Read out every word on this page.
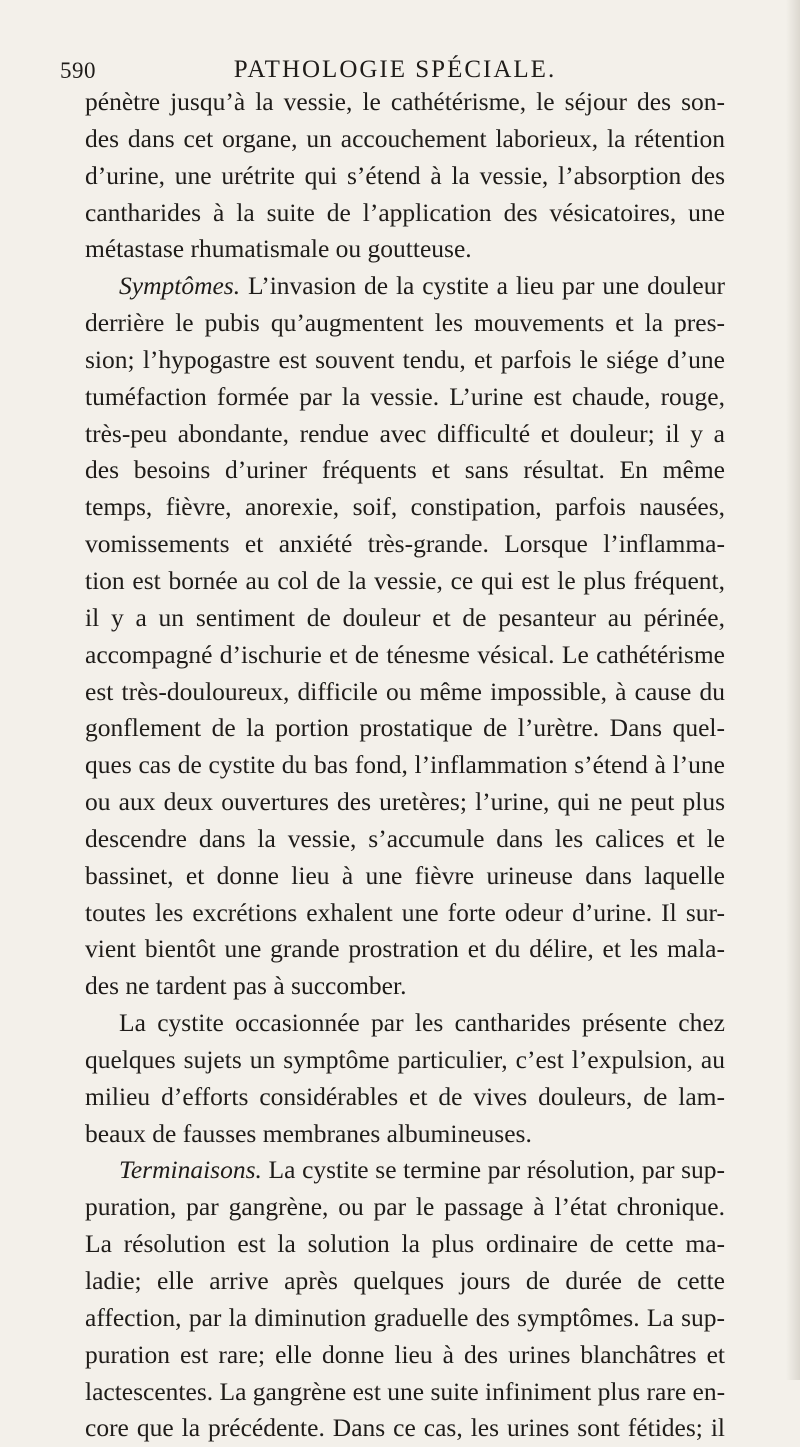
590	PATHOLOGIE SPÉCIALE.
pénètre jusqu’à la vessie, le cathétérisme, le séjour des son-
des dans cet organe, un accouchement laborieux, la rétention
d’urine, une urétrite qui s’étend à la vessie, l’absorption des
cantharides à la suite de l’application des vésicatoires, une
métastase rhumatismale ou goutteuse.
Symptômes. L’invasion de la cystite a lieu par une douleur
derrière le pubis qu’augmentent les mouvements et la pres-
sion; l’hypogastre est souvent tendu, et parfois le siége d’une
tuméfaction formée par la vessie. L’urine est chaude, rouge,
très-peu abondante, rendue avec difficulté et douleur; il y a
des besoins d’uriner fréquents et sans résultat. En même
temps, fièvre, anorexie, soif, constipation, parfois nausées,
vomissements et anxiété très-grande. Lorsque l’inflamma-
tion est bornée au col de la vessie, ce qui est le plus fréquent,
il y a un sentiment de douleur et de pesanteur au périnée,
accompagné d’ischurie et de ténesme vésical. Le cathétérisme
est très-douloureux, difficile ou même impossible, à cause du
gonflement de la portion prostatique de l’urètre. Dans quel-
ques cas de cystite du bas fond, l’inflammation s’étend à l’une
ou aux deux ouvertures des uretères; l’urine, qui ne peut plus
descendre dans la vessie, s’accumule dans les calices et le
bassinet, et donne lieu à une fièvre urineuse dans laquelle
toutes les excrétions exhalent une forte odeur d’urine. Il sur-
vient bientôt une grande prostration et du délire, et les mala-
des ne tardent pas à succomber.
La cystite occasionnée par les cantharides présente chez
quelques sujets un symptôme particulier, c’est l’expulsion, au
milieu d’efforts considérables et de vives douleurs, de lam-
beaux de fausses membranes albumineuses.
Terminaisons. La cystite se termine par résolution, par sup-
puration, par gangrène, ou par le passage à l’état chronique.
La résolution est la solution la plus ordinaire de cette ma-
ladie; elle arrive après quelques jours de durée de cette
affection, par la diminution graduelle des symptômes. La sup-
puration est rare; elle donne lieu à des urines blanchâtres et
lactescentes. La gangrène est une suite infiniment plus rare en-
core que la précédente. Dans ce cas, les urines sont fétides; il
